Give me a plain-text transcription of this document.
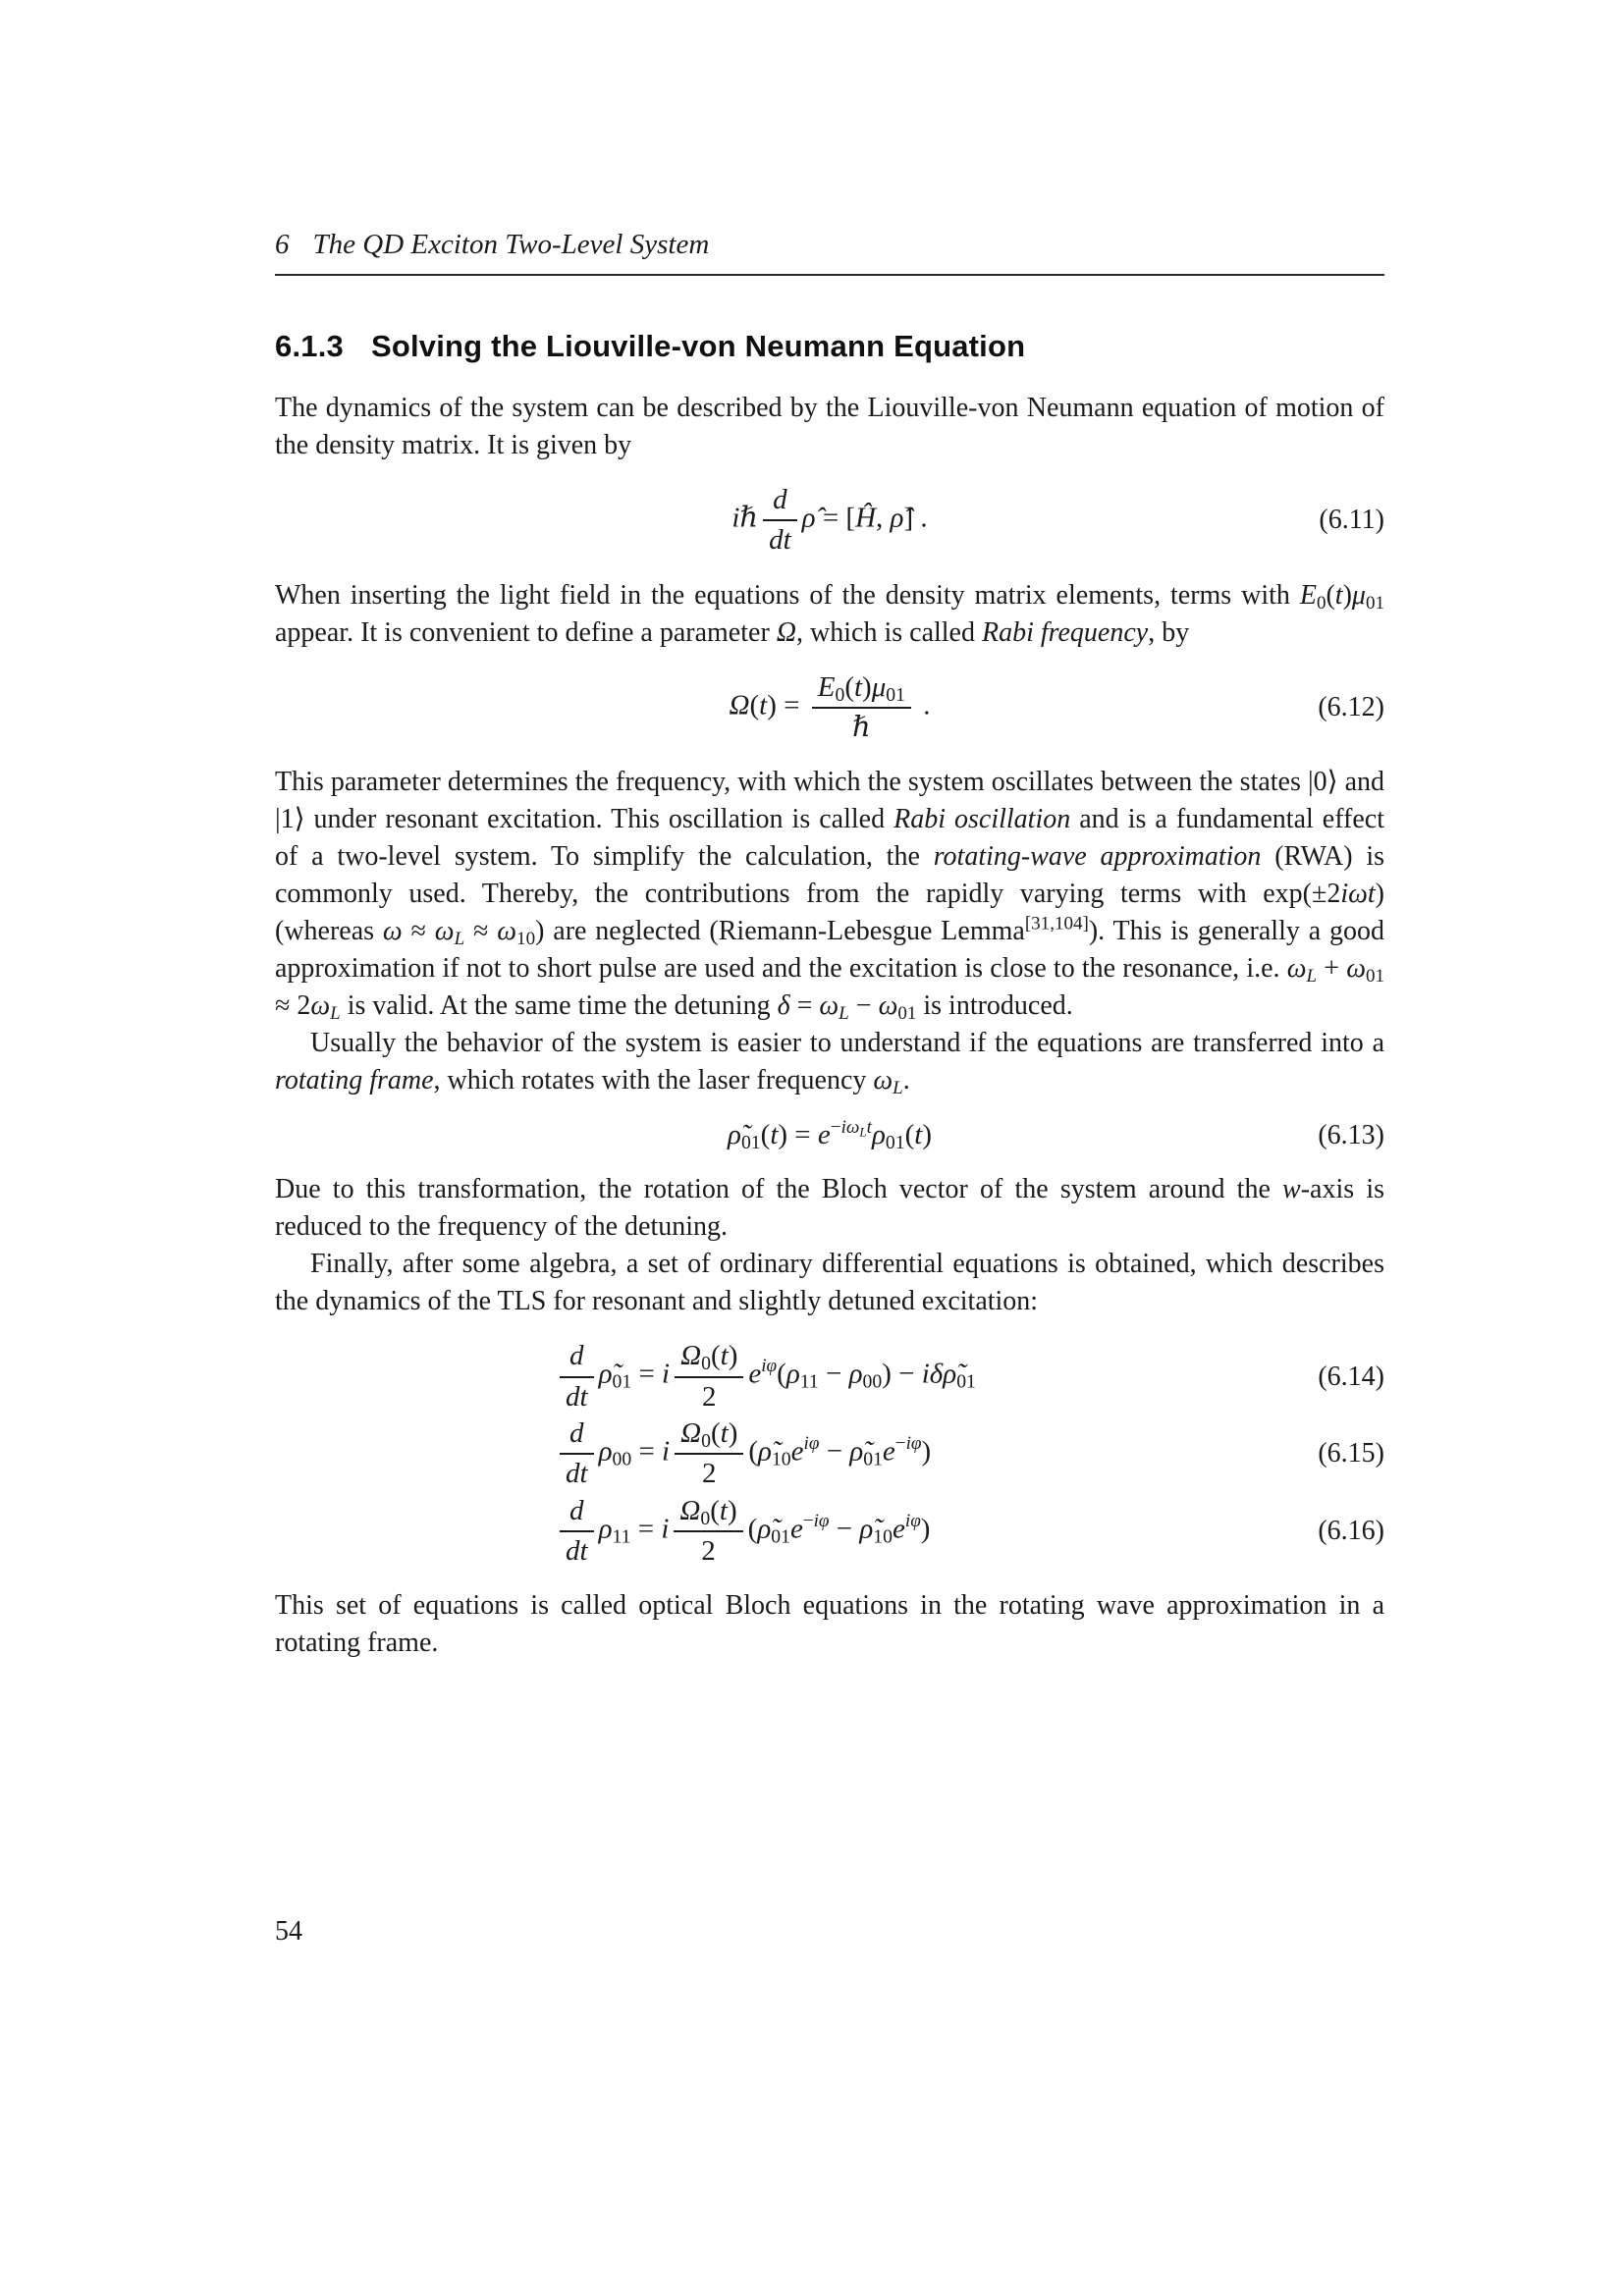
6 The QD Exciton Two-Level System
6.1.3 Solving the Liouville-von Neumann Equation

The dynamics of the system can be described by the Liouville-von Neumann equation of motion of the density matrix. It is given by

iℏ $\frac{d}{dt}$ ρ̂ = [Ĥ, ρ̂] .	(6.11)

When inserting the light field in the equations of the density matrix elements, terms with E0(t)μ01 appear. It is convenient to define a parameter Ω, which is called Rabi frequency, by

$\Omega(t) = \frac{E0(t)\mu 01}{\text{ℏ}}$ .	(6.12)

This parameter determines the frequency, with which the system oscillates between the states |0⟩ and |1⟩ under resonant excitation. This oscillation is called Rabi oscillation and is a fundamental effect of a two-level system. To simplify the calculation, the rotating-wave approximation (RWA) is commonly used. Thereby, the contributions from the rapidly varying terms with exp(±2iωt) (whereas ω ≈ ωL ≈ ω10) are neglected (Riemann-Lebesgue Lemma[31,104]). This is generally a good approximation if not to short pulse are used and the excitation is close to the resonance, i.e. ωL + ω01 ≈ 2ωL is valid. At the same time the detuning δ = ωL − ω01 is introduced.

Usually the behavior of the system is easier to understand if the equations are transferred into a rotating frame, which rotates with the laser frequency ωL.

ρ̃01(t) = $e^{-i\omega Lt}\rho 01(t)$	(6.13)

Due to this transformation, the rotation of the Bloch vector of the system around the w-axis is reduced to the frequency of the detuning.

Finally, after some algebra, a set of ordinary differential equations is obtained, which describes the dynamics of the TLS for resonant and slightly detuned excitation:

$\frac{d}{dt}$ ρ̃01 = i $\frac{\Omega 0(t)}{2} e^{i\varphi}(\rho 11 - \rho 00)$ − iδρ̃01	(6.14)
$\frac{d}{dt} \rho 00 = i \frac{\Omega 0(t)}{2}$ ($\rhõ10e^{i\varphi}$ − $\rhõ01e^{-i\varphi}$)	(6.15)
$\frac{d}{dt} \rho 11 = i \frac{\Omega 0(t)}{2}$ ($\rhõ01e^{-i\varphi}$ − $\rhõ10e^{i\varphi}$)	(6.16)

This set of equations is called optical Bloch equations in the rotating wave approximation in a rotating frame.

54
